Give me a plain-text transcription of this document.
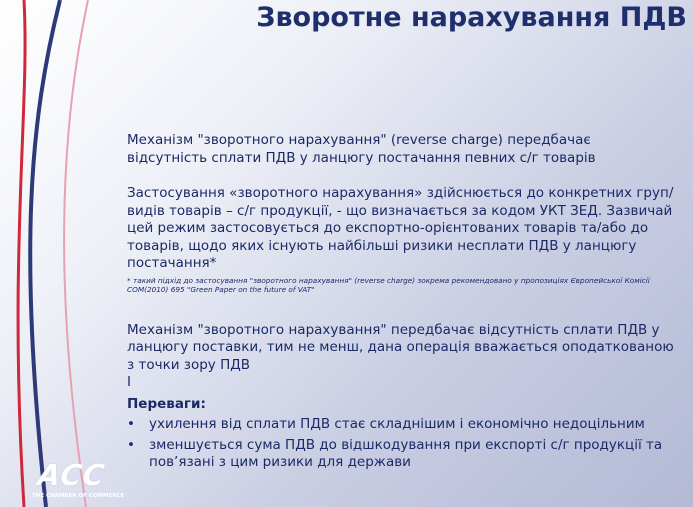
Зворотне нарахування ПДВ

Механізм "зворотного нарахування" (reverse charge) передбачає відсутність сплати ПДВ у ланцюгу постачання певних с/г товарів

Застосування «зворотного нарахування» здійснюється до конкретних груп/видів товарів – с/г продукції, - що визначається за кодом УКТ ЗЕД. Зазвичай цей режим застосовується до експортно-орієнтованих товарів та/або до товарів, щодо яких існують найбільші ризики несплати ПДВ у ланцюгу постачання*

* такий підхід до застосування "зворотного нарахування" (reverse charge) зокрема рекомендовано у пропозиціях Європейської Комісії COM(2010) 695 "Green Paper on the future of VAT"

Механізм "зворотного нарахування" передбачає відсутність сплати ПДВ у ланцюгу поставки, тим не менш, дана операція вважається оподаткованою з точки зору ПДВ

I

Переваги:

• ухилення від сплати ПДВ стає складнішим і економічно недоцільним
• зменшується сума ПДВ до відшкодування при експорті с/г продукції та пов’язані з цим ризики для держави
ACC
THE CHAMBER OF COMMERCE
